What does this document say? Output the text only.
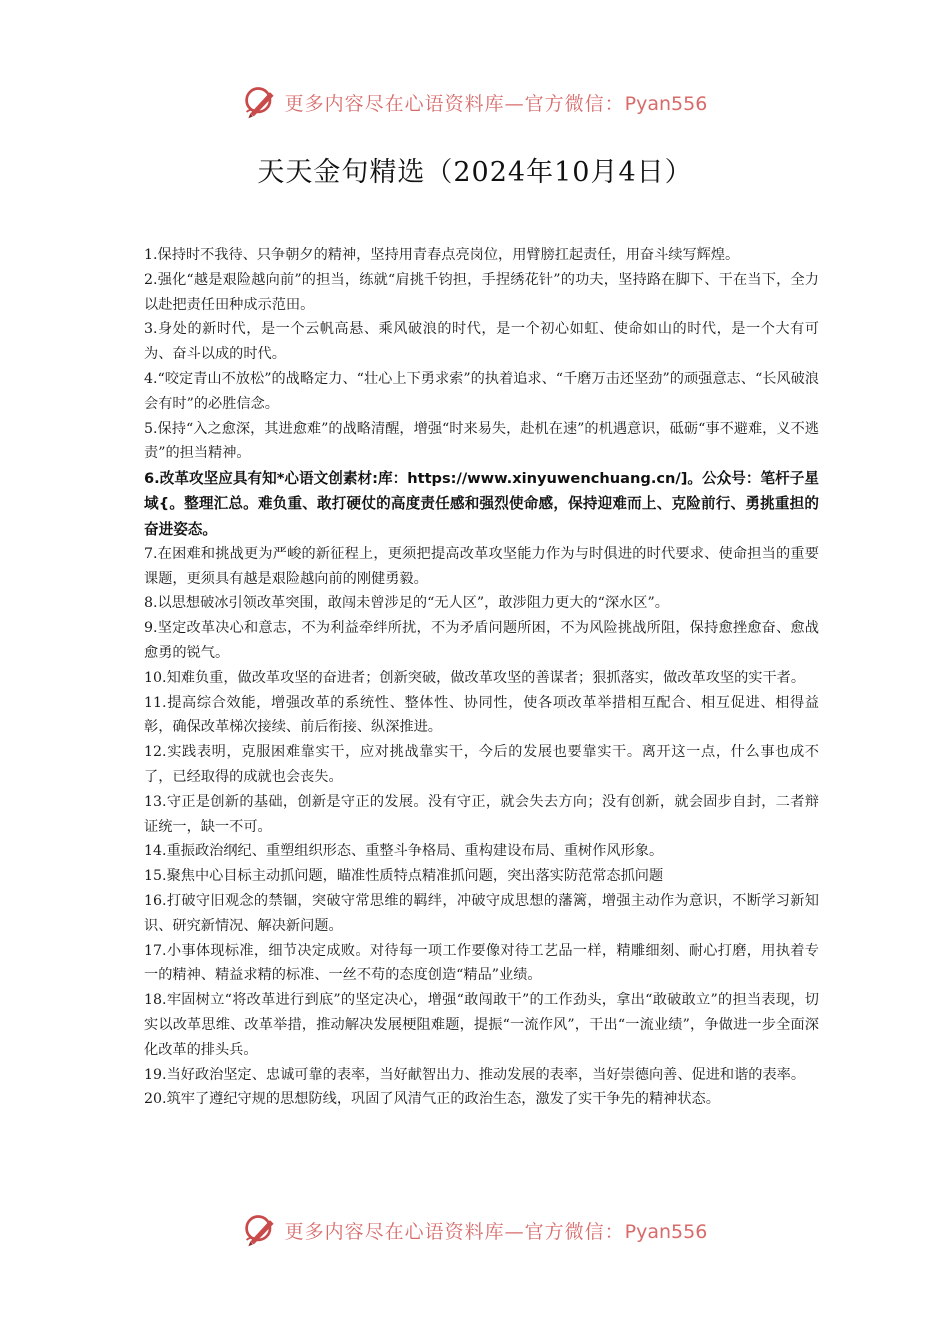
更多内容尽在心语资料库—官方微信：Pyan556
天天金句精选（2024年10月4日）

1.保持时不我待、只争朝夕的精神，坚持用青春点亮岗位，用臂膀扛起责任，用奋斗续写辉煌。

2.强化“越是艰险越向前”的担当，练就“肩挑千钧担，手捏绣花针”的功夫，坚持路在脚下、干在当下，全力以赴把责任田种成示范田。

3.身处的新时代，是一个云帆高悬、乘风破浪的时代，是一个初心如虹、使命如山的时代，是一个大有可为、奋斗以成的时代。

4.“咬定青山不放松”的战略定力、“壮心上下勇求索”的执着追求、“千磨万击还坚劲”的顽强意志、“长风破浪会有时”的必胜信念。

5.保持“入之愈深，其进愈难”的战略清醒，增强“时来易失，赴机在速”的机遇意识，砥砺“事不避难，义不逃责”的担当精神。

6.改革攻坚应具有知*心语文创素材:库：https://www.xinyuwenchuang.cn/]。公众号：笔杆子星域{。整理汇总。难负重、敢打硬仗的高度责任感和强烈使命感，保持迎难而上、克险前行、勇挑重担的奋进姿态。

7.在困难和挑战更为严峻的新征程上，更须把提高改革攻坚能力作为与时俱进的时代要求、使命担当的重要课题，更须具有越是艰险越向前的刚健勇毅。

8.以思想破冰引领改革突围，敢闯未曾涉足的“无人区”，敢涉阻力更大的“深水区”。

9.坚定改革决心和意志，不为利益牵绊所扰，不为矛盾问题所困，不为风险挑战所阻，保持愈挫愈奋、愈战愈勇的锐气。

10.知难负重，做改革攻坚的奋进者；创新突破，做改革攻坚的善谋者；狠抓落实，做改革攻坚的实干者。

11.提高综合效能，增强改革的系统性、整体性、协同性，使各项改革举措相互配合、相互促进、相得益彰，确保改革梯次接续、前后衔接、纵深推进。

12.实践表明，克服困难靠实干，应对挑战靠实干，今后的发展也要靠实干。离开这一点，什么事也成不了，已经取得的成就也会丧失。

13.守正是创新的基础，创新是守正的发展。没有守正，就会失去方向；没有创新，就会固步自封，二者辩证统一，缺一不可。

14.重振政治纲纪、重塑组织形态、重整斗争格局、重构建设布局、重树作风形象。

15.聚焦中心目标主动抓问题，瞄准性质特点精准抓问题，突出落实防范常态抓问题

16.打破守旧观念的禁锢，突破守常思维的羁绊，冲破守成思想的藩篱，增强主动作为意识，不断学习新知识、研究新情况、解决新问题。

17.小事体现标准，细节决定成败。对待每一项工作要像对待工艺品一样，精雕细刻、耐心打磨，用执着专一的精神、精益求精的标准、一丝不苟的态度创造“精品”业绩。

18.牢固树立“将改革进行到底”的坚定决心，增强“敢闯敢干”的工作劲头，拿出“敢破敢立”的担当表现，切实以改革思维、改革举措，推动解决发展梗阻难题，提振“一流作风”，干出“一流业绩”，争做进一步全面深化改革的排头兵。

19.当好政治坚定、忠诚可靠的表率，当好献智出力、推动发展的表率，当好崇德向善、促进和谐的表率。

20.筑牢了遵纪守规的思想防线，巩固了风清气正的政治生态，激发了实干争先的精神状态。

更多内容尽在心语资料库—官方微信：Pyan556
